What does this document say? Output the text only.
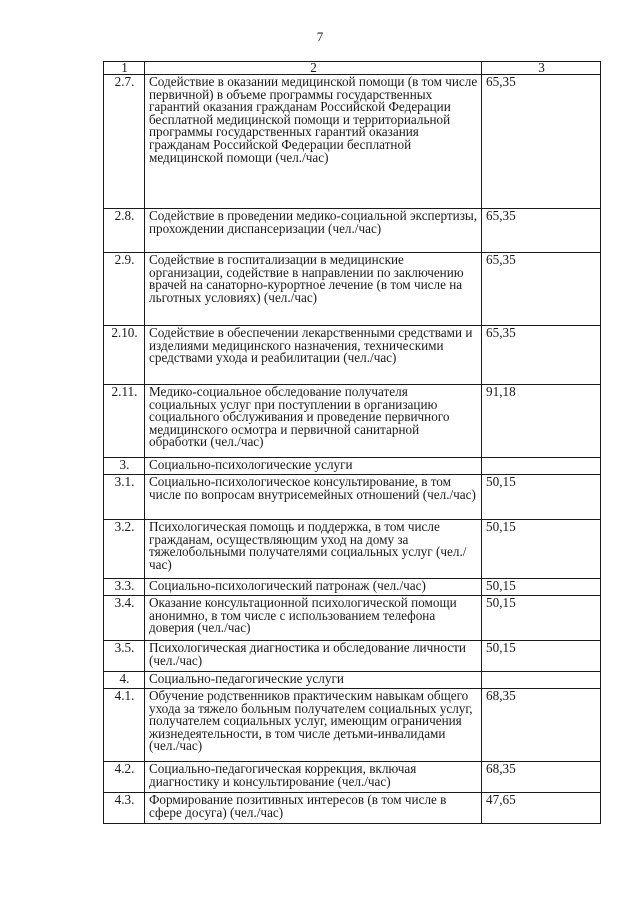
7
1	2	3
2.7.	Содействие в оказании медицинской помощи (в том числе первичной) в объеме программы государственных гарантий оказания гражданам Российской Федерации бесплатной медицинской помощи и территориальной программы государственных гарантий оказания гражданам Российской Федерации бесплатной медицинской помощи (чел./час)	65,35
2.8.	Содействие в проведении медико-социальной экспертизы, прохождении диспансеризации (чел./час)	65,35
2.9.	Содействие в госпитализации в медицинские организации, содействие в направлении по заключению врачей на санаторно-курортное лечение (в том числе на льготных условиях) (чел./час)	65,35
2.10.	Содействие в обеспечении лекарственными средствами и изделиями медицинского назначения, техническими средствами ухода и реабилитации (чел./час)	65,35
2.11.	Медико-социальное обследование получателя социальных услуг при поступлении в организацию социального обслуживания и проведение первичного медицинского осмотра и первичной санитарной обработки (чел./час)	91,18
3.	Социально-психологические услуги	
3.1.	Социально-психологическое консультирование, в том числе по вопросам внутрисемейных отношений (чел./час)	50,15
3.2.	Психологическая помощь и поддержка, в том числе гражданам, осуществляющим уход на дому за тяжелобольными получателями социальных услуг (чел./час)	50,15
3.3.	Социально-психологический патронаж (чел./час)	50,15
3.4.	Оказание консультационной психологической помощи анонимно, в том числе с использованием телефона доверия (чел./час)	50,15
3.5.	Психологическая диагностика и обследование личности (чел./час)	50,15
4.	Социально-педагогические услуги	
4.1.	Обучение родственников практическим навыкам общего ухода за тяжело больным получателем социальных услуг, получателем социальных услуг, имеющим ограничения жизнедеятельности, в том числе детьми-инвалидами (чел./час)	68,35
4.2.	Социально-педагогическая коррекция, включая диагностику и консультирование (чел./час)	68,35
4.3.	Формирование позитивных интересов (в том числе в сфере досуга) (чел./час)	47,65
